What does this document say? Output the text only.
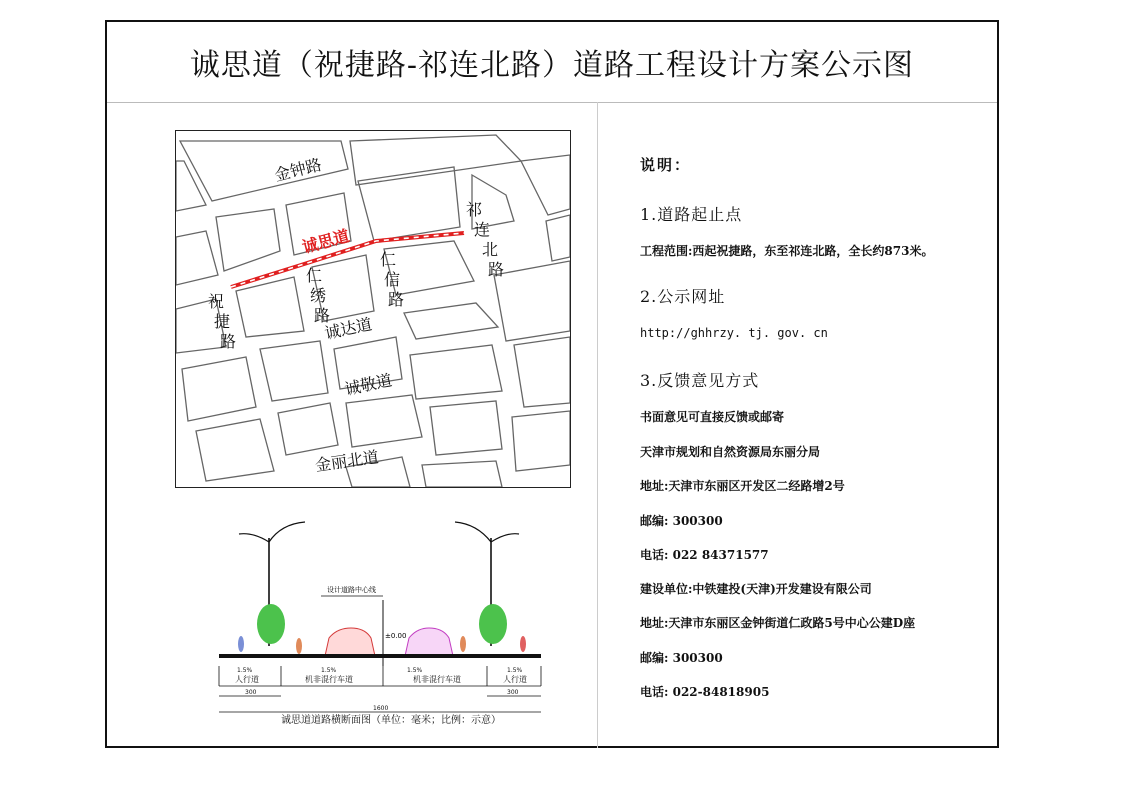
诚思道（祝捷路-祁连北路）道路工程设计方案公示图
金钟路
诚思道
诚达道
诚敬道
金丽北道
祁
连
北
路
祝
捷
路
仁
绣
路
仁
信
路
设计道路中心线
±0.00
1.5%	1.5%	1.5%	1.5%
人行道	机非混行车道	机非混行车道	人行道
300	300
1600
诚思道道路横断面图（单位：毫米；比例：示意）
说明：
1.道路起止点
工程范围:西起祝捷路，东至祁连北路，全长约873米。
2.公示网址
http://ghhrzy. tj. gov. cn
3.反馈意见方式
书面意见可直接反馈或邮寄
天津市规划和自然资源局东丽分局
地址:天津市东丽区开发区二经路增2号
邮编: 300300
电话: 022 84371577
建设单位:中铁建投(天津)开发建设有限公司
地址:天津市东丽区金钟街道仁政路5号中心公建D座
邮编: 300300
电话: 022-84818905
